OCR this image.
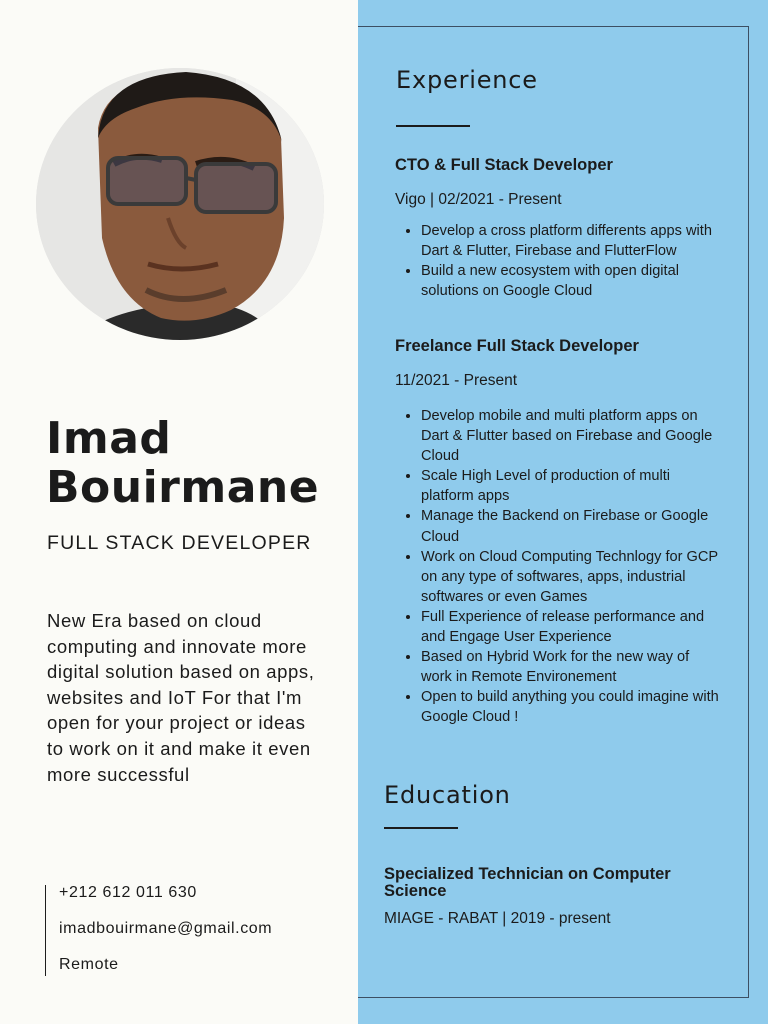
Imad
Bouirmane

FULL STACK DEVELOPER

New Era based on cloud computing and innovate more digital solution based on apps, websites and IoT For that I'm open for your project or ideas to work on it and make it even more successful

+212 612 011 630
imadbouirmane@gmail.com
Remote
Experience
CTO & Full Stack Developer

Vigo | 02/2021 - Present

• Develop a cross platform differents apps with Dart & Flutter, Firebase and FlutterFlow
• Build a new ecosystem with open digital solutions on Google Cloud
Freelance Full Stack Developer

11/2021 - Present

• Develop mobile and multi platform apps on Dart & Flutter based on Firebase and Google Cloud
• Scale High Level of production of multi platform apps
• Manage the Backend on Firebase or Google Cloud
• Work on Cloud Computing Technlogy for GCP on any type of softwares, apps, industrial softwares or even Games
• Full Experience of release performance and and Engage User Experience
• Based on Hybrid Work for the new way of work in Remote Environement
• Open to build anything you could imagine with Google Cloud !
Education
Specialized Technician on Computer Science

MIAGE - RABAT | 2019 - present
